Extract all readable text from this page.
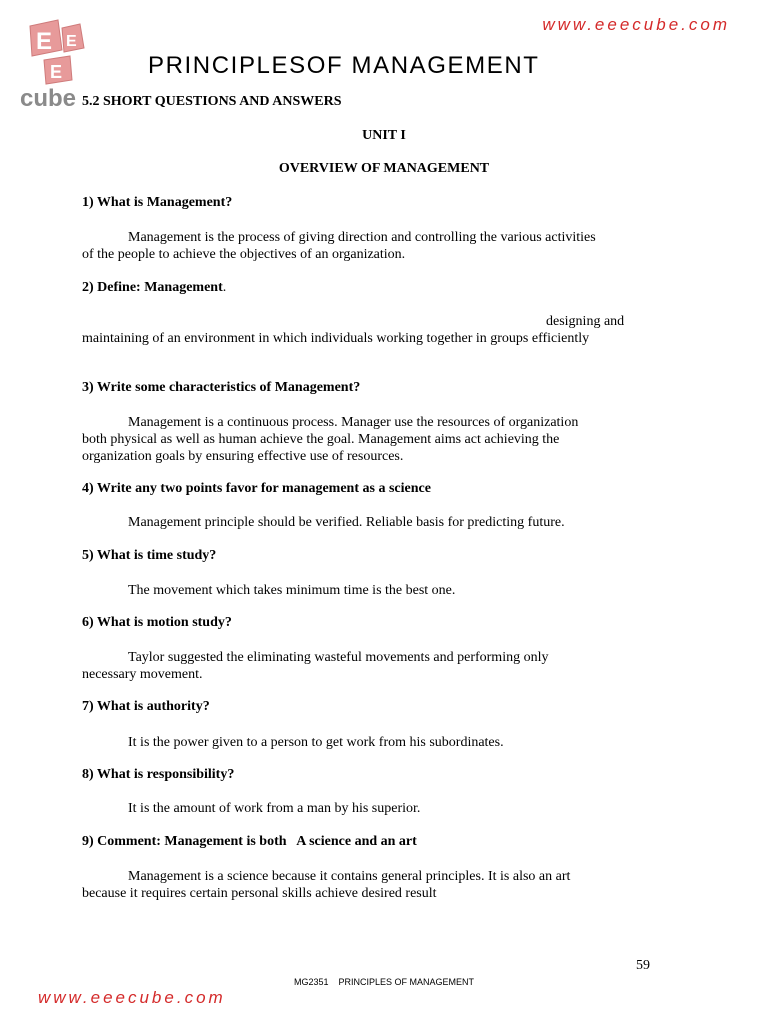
www.eeecube.com
E E
E
cube
PRINCIPLESOF MANAGEMENT
5.2 SHORT QUESTIONS AND ANSWERS
UNIT I
OVERVIEW OF MANAGEMENT
1) What is Management?
Management is the process of giving direction and controlling the various activities
of the people to achieve the objectives of an organization.
2) Define: Management.
designing and
maintaining of an environment in which individuals working together in groups efficiently
3) Write some characteristics of Management?
Management is a continuous process. Manager use the resources of organization
both physical as well as human achieve the goal. Management aims act achieving the
organization goals by ensuring effective use of resources.
4) Write any two points favor for management as a science
Management principle should be verified. Reliable basis for predicting future.
5) What is time study?
The movement which takes minimum time is the best one.
6) What is motion study?
Taylor suggested the eliminating wasteful movements and performing only
necessary movement.
7) What is authority?
It is the power given to a person to get work from his subordinates.
8) What is responsibility?
It is the amount of work from a man by his superior.
9) Comment: Management is both   A science and an art
Management is a science because it contains general principles. It is also an art
because it requires certain personal skills achieve desired result
59
MG2351    PRINCIPLES OF MANAGEMENT
www.eeecube.com
